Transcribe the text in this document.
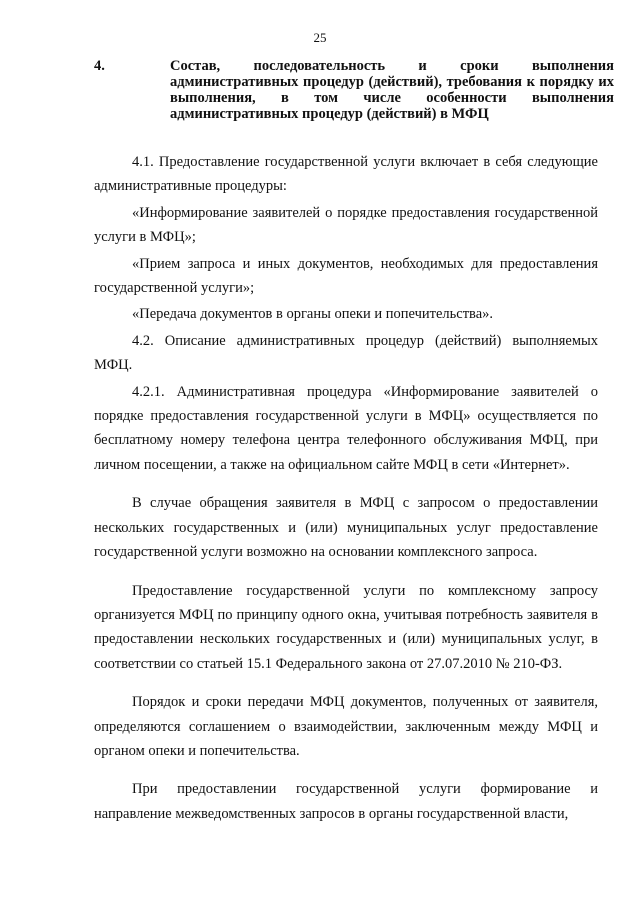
25
4.	Состав, последовательность и сроки выполнения административных процедур (действий), требования к порядку их выполнения, в том числе особенности выполнения административных процедур (действий) в МФЦ

4.1. Предоставление государственной услуги включает в себя следующие административные процедуры:

«Информирование заявителей о порядке предоставления государственной услуги в МФЦ»;

«Прием запроса и иных документов, необходимых для предоставления государственной услуги»;

«Передача документов в органы опеки и попечительства».

4.2. Описание административных процедур (действий) выполняемых МФЦ.

4.2.1. Административная процедура «Информирование заявителей о порядке предоставления государственной услуги в МФЦ» осуществляется по бесплатному номеру телефона центра телефонного обслуживания МФЦ, при личном посещении, а также на официальном сайте МФЦ в сети «Интернет».

В случае обращения заявителя в МФЦ с запросом о предоставлении нескольких государственных и (или) муниципальных услуг предоставление государственной услуги возможно на основании комплексного запроса.

Предоставление государственной услуги по комплексному запросу организуется МФЦ по принципу одного окна, учитывая потребность заявителя в предоставлении нескольких государственных и (или) муниципальных услуг, в соответствии со статьей 15.1 Федерального закона от 27.07.2010 № 210-ФЗ.

Порядок и сроки передачи МФЦ документов, полученных от заявителя, определяются соглашением о взаимодействии, заключенным между МФЦ и органом опеки и попечительства.

При предоставлении государственной услуги формирование и направление межведомственных запросов в органы государственной власти,
